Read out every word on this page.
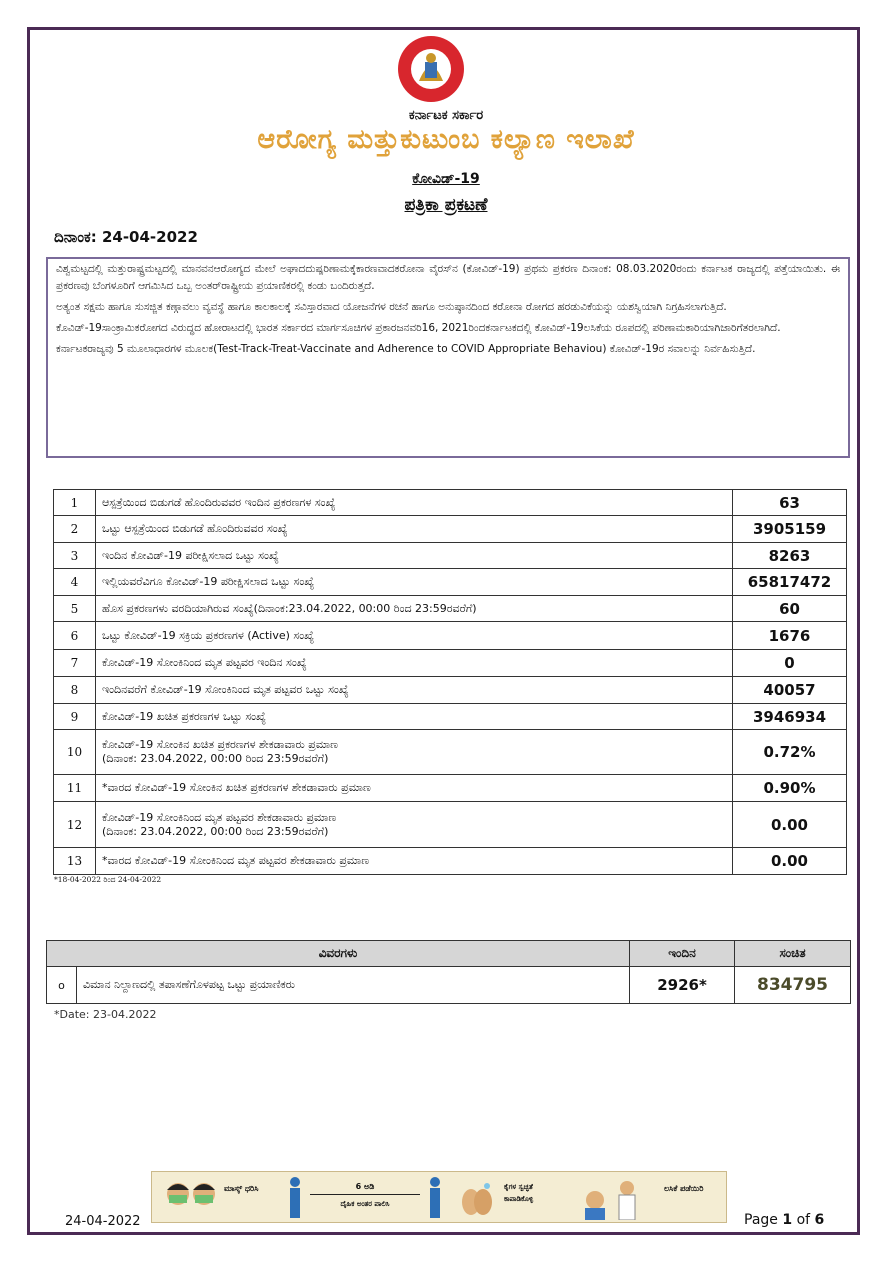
ಕರ್ನಾಟಕ ಸರ್ಕಾರ
ಆರೋಗ್ಯ ಮತ್ತುಕುಟುಂಬ ಕಲ್ಯಾಣ ಇಲಾಖೆ
ಕೋವಿಡ್-19
ಪತ್ರಿಕಾ ಪ್ರಕಟಣೆ
ದಿನಾಂಕ: 24-04-2022

ವಿಶ್ವಮಟ್ಟದಲ್ಲಿ ಮತ್ತುರಾಷ್ಟ್ರಮಟ್ಟದಲ್ಲಿ ಮಾನವನಆರೋಗ್ಯದ ಮೇಲೆ ಅಘಾದದುಷ್ಪರಿಣಾಮಕ್ಕೆಕಾರಣವಾದಕರೋನಾ ವೈರಸ್‌ನ (ಕೋವಿಡ್-19) ಪ್ರಥಮ ಪ್ರಕರಣ ದಿನಾಂಕ: 08.03.2020ರಂದು ಕರ್ನಾಟಕ ರಾಜ್ಯದಲ್ಲಿ ಪತ್ತೆಯಾಯಿತು. ಈ ಪ್ರಕರಣವು ಬೆಂಗಳೂರಿಗೆ ಆಗಮಿಸಿದ ಒಬ್ಬ ಅಂತರ್‌ರಾಷ್ಟ್ರೀಯ ಪ್ರಯಾಣಿಕರಲ್ಲಿ ಕಂಡು ಬಂದಿರುತ್ತದೆ.

ಅತ್ಯಂತ ಸಕ್ಷಮ ಹಾಗೂ ಸುಸಜ್ಜಿತ ಕಣ್ಗಾವಲು ವ್ಯವಸ್ಥೆ ಹಾಗೂ ಕಾಲಕಾಲಕ್ಕೆ ಸವಿಸ್ತಾರವಾದ ಯೋಜನೆಗಳ ರಚನೆ ಹಾಗೂ ಅನುಷ್ಠಾನದಿಂದ ಕರೋನಾ ರೋಗದ ಹರಡುವಿಕೆಯನ್ನು ಯಶಸ್ವಿಯಾಗಿ ನಿಗ್ರಹಿಸಲಾಗುತ್ತಿದೆ.

ಕೊವಿಡ್-19ಸಾಂಕ್ರಾಮಿಕರೋಗದ ವಿರುದ್ಧದ ಹೋರಾಟದಲ್ಲಿ ಭಾರತ ಸರ್ಕಾರದ ಮಾರ್ಗಸೂಚಿಗಳ ಪ್ರಕಾರಜನವರಿ16, 2021ರಿಂದಕರ್ನಾಟಕದಲ್ಲಿ ಕೋವಿಡ್-19ಲಸಿಕೆಯ ರೂಪದಲ್ಲಿ ಪರಿಣಾಮಕಾರಿಯಾಗಿಜಾರಿಗೆತರಲಾಗಿದೆ.

ಕರ್ನಾಟಕರಾಜ್ಯವು 5 ಮೂಲಾಧಾರಗಳ ಮೂಲಕ(Test-Track-Treat-Vaccinate and Adherence to COVID Appropriate Behaviou) ಕೋವಿಡ್-19ರ ಸವಾಲನ್ನು ನಿರ್ವಹಿಸುತ್ತಿದೆ.

1	ಆಸ್ಪತ್ರೆಯಿಂದ ಬಿಡುಗಡೆ ಹೊಂದಿರುವವರ ಇಂದಿನ ಪ್ರಕರಣಗಳ ಸಂಖ್ಯೆ	63
2	ಒಟ್ಟು ಆಸ್ಪತ್ರೆಯಿಂದ ಬಿಡುಗಡೆ ಹೊಂದಿರುವವರ ಸಂಖ್ಯೆ	3905159
3	ಇಂದಿನ ಕೋವಿಡ್-19 ಪರೀಕ್ಷಿಸಲಾದ ಒಟ್ಟು ಸಂಖ್ಯೆ	8263
4	ಇಲ್ಲಿಯವರೆವಿಗೂ ಕೋವಿಡ್-19 ಪರೀಕ್ಷಿಸಲಾದ ಒಟ್ಟು ಸಂಖ್ಯೆ	65817472
5	ಹೊಸ ಪ್ರಕರಣಗಳು ವರದಿಯಾಗಿರುವ ಸಂಖ್ಯೆ(ದಿನಾಂಕ:23.04.2022, 00:00 ರಿಂದ 23:59ರವರೆಗೆ)	60
6	ಒಟ್ಟು ಕೋವಿಡ್-19 ಸಕ್ರಿಯ ಪ್ರಕರಣಗಳ (Active) ಸಂಖ್ಯೆ	1676
7	ಕೋವಿಡ್-19 ಸೋಂಕಿನಿಂದ ಮೃತ ಪಟ್ಟವರ ಇಂದಿನ ಸಂಖ್ಯೆ	0
8	ಇಂದಿನವರೆಗೆ ಕೋವಿಡ್-19 ಸೋಂಕಿನಿಂದ ಮೃತ ಪಟ್ಟವರ ಒಟ್ಟು ಸಂಖ್ಯೆ	40057
9	ಕೋವಿಡ್-19 ಖಚಿತ ಪ್ರಕರಣಗಳ ಒಟ್ಟು ಸಂಖ್ಯೆ	3946934
10	ಕೋವಿಡ್-19 ಸೋಂಕಿನ ಖಚಿತ ಪ್ರಕರಣಗಳ ಶೇಕಡಾವಾರು ಪ್ರಮಾಣ
(ದಿನಾಂಕ: 23.04.2022, 00:00 ರಿಂದ 23:59ರವರೆಗೆ)	0.72%
11	*ವಾರದ ಕೋವಿಡ್-19 ಸೋಂಕಿನ ಖಚಿತ ಪ್ರಕರಣಗಳ ಶೇಕಡಾವಾರು ಪ್ರಮಾಣ	0.90%
12	ಕೋವಿಡ್-19 ಸೋಂಕಿನಿಂದ ಮೃತ ಪಟ್ಟವರ ಶೇಕಡಾವಾರು ಪ್ರಮಾಣ
(ದಿನಾಂಕ: 23.04.2022, 00:00 ರಿಂದ 23:59ರವರೆಗೆ)	0.00
13	*ವಾರದ ಕೋವಿಡ್-19 ಸೋಂಕಿನಿಂದ ಮೃತ ಪಟ್ಟವರ ಶೇಕಡಾವಾರು ಪ್ರಮಾಣ	0.00
*18-04-2022 ರಿಂದ 24-04-2022
ವಿವರಗಳು		ಇಂದಿನ	ಸಂಚಿತ
o	ವಿಮಾನ ನಿಲ್ದಾಣದಲ್ಲಿ ತಪಾಸಣೆಗೊಳಪಟ್ಟ ಒಟ್ಟು ಪ್ರಯಾಣಿಕರು	2926*	834795
*Date: 23-04.2022
ಮಾಸ್ಕ್ ಧರಿಸಿ	6 ಅಡಿ
ದೈಹಿಕ ಅಂತರ ಪಾಲಿಸಿ
ಕೈಗಳ ಸ್ವಚ್ಛತೆ ಕಾಪಾಡಿಕೊಳ್ಳಿ
ಲಸಿಕೆ ಪಡೆಯಿರಿ
24-04-2022	Page 1 of 6
